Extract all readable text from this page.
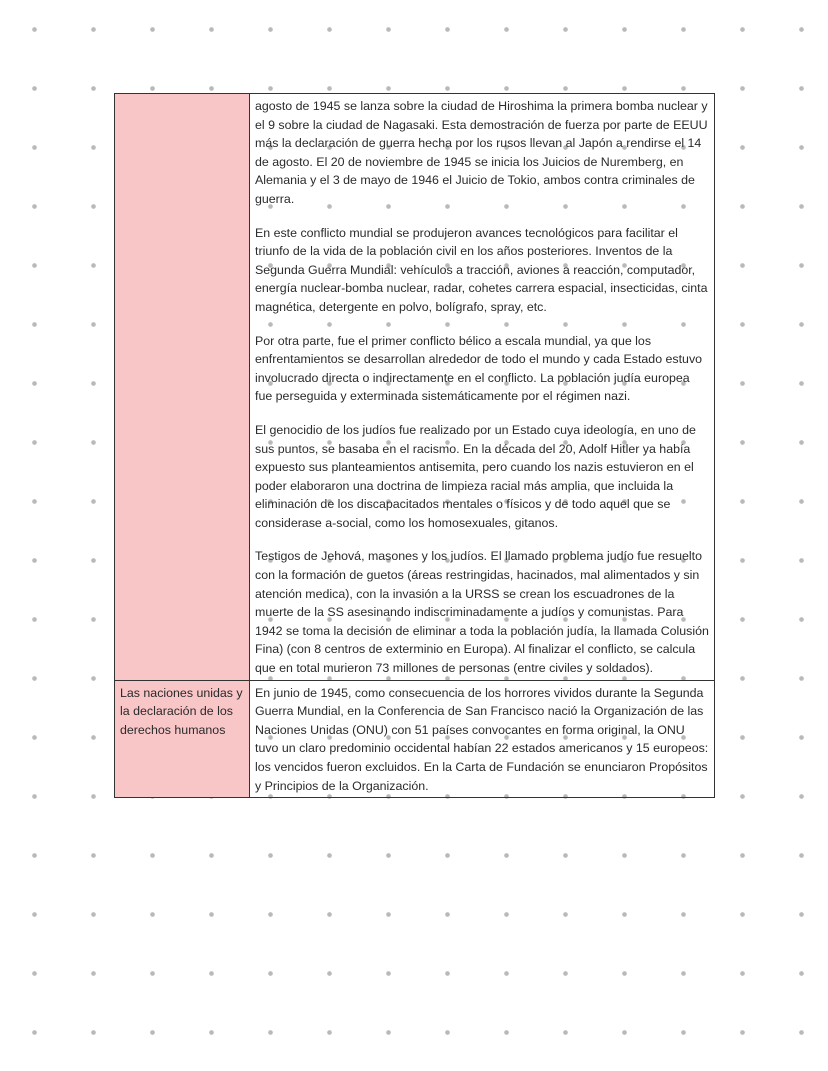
	agosto de 1945 se lanza sobre la ciudad de Hiroshima la primera bomba nuclear y el 9 sobre la ciudad de Nagasaki. Esta demostración de fuerza por parte de EEUU más la declaración de guerra hecha por los rusos llevan al Japón a rendirse el 14 de agosto. El 20 de noviembre de 1945 se inicia los Juicios de Nuremberg, en Alemania y el 3 de mayo de 1946 el Juicio de Tokio, ambos contra criminales de guerra.

En este conflicto mundial se produjeron avances tecnológicos para facilitar el triunfo de la vida de la población civil en los años posteriores. Inventos de la Segunda Guerra Mundial: vehículos a tracción, aviones a reacción, computador, energía nuclear-bomba nuclear, radar, cohetes carrera espacial, insecticidas, cinta magnética, detergente en polvo, bolígrafo, spray, etc.

Por otra parte, fue el primer conflicto bélico a escala mundial, ya que los enfrentamientos se desarrollan alrededor de todo el mundo y cada Estado estuvo involucrado directa o indirectamente en el conflicto. La población judía europea fue perseguida y exterminada sistemáticamente por el régimen nazi.

El genocidio de los judíos fue realizado por un Estado cuya ideología, en uno de sus puntos, se basaba en el racismo. En la década del 20, Adolf Hitler ya había expuesto sus planteamientos antisemita, pero cuando los nazis estuvieron en el poder elaboraron una doctrina de limpieza racial más amplia, que incluida la eliminación de los discapacitados mentales o físicos y de todo aquel que se considerase a-social, como los homosexuales, gitanos.

Testigos de Jehová, masones y los judíos. El llamado problema judío fue resuelto con la formación de guetos (áreas restringidas, hacinados, mal alimentados y sin atención medica), con la invasión a la URSS se crean los escuadrones de la muerte de la SS asesinando indiscriminadamente a judíos y comunistas. Para 1942 se toma la decisión de eliminar a toda la población judía, la llamada Colusión Fina) (con 8 centros de exterminio en Europa). Al finalizar el conflicto, se calcula que en total murieron 73 millones de personas (entre civiles y soldados).

Las naciones unidas y la declaración de los derechos humanos	En junio de 1945, como consecuencia de los horrores vividos durante la Segunda Guerra Mundial, en la Conferencia de San Francisco nació la Organización de las Naciones Unidas (ONU) con 51 países convocantes en forma original, la ONU tuvo un claro predominio occidental habían 22 estados americanos y 15 europeos: los vencidos fueron excluidos. En la Carta de Fundación se enunciaron Propósitos y Principios de la Organización.
